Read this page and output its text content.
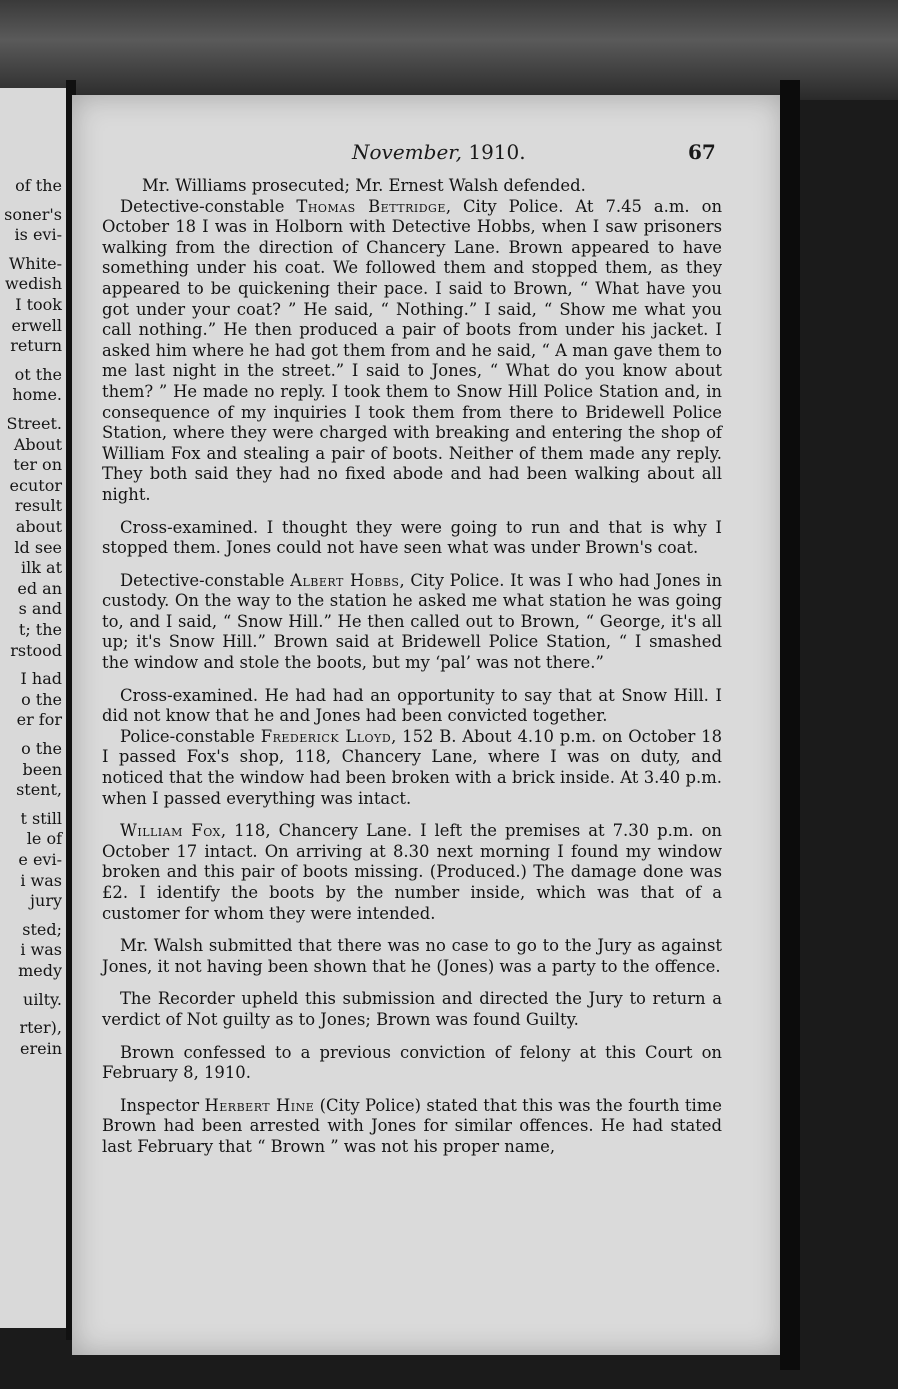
of the
soner's
is evi-
White-
wedish
I took
erwell
return
ot the
home.
Street.
About
ter on
ecutor
result
about
ld see
ilk at
ed an
s and
t; the
rstood
I had
o the
er for
o the
been
stent,
t still
le of
e evi-
i was
jury
sted;
i was
medy
uilty.
rter),
erein
November, 1910.	67

Mr. Williams prosecuted; Mr. Ernest Walsh defended.

Detective-constable Thomas Bettridge, City Police. At 7.45 a.m. on October 18 I was in Holborn with Detective Hobbs, when I saw prisoners walking from the direction of Chancery Lane. Brown appeared to have something under his coat. We followed them and stopped them, as they appeared to be quickening their pace. I said to Brown, “ What have you got under your coat? ” He said, “ Nothing.” I said, “ Show me what you call nothing.” He then produced a pair of boots from under his jacket. I asked him where he had got them from and he said, “ A man gave them to me last night in the street.” I said to Jones, “ What do you know about them? ” He made no reply. I took them to Snow Hill Police Station and, in consequence of my inquiries I took them from there to Bridewell Police Station, where they were charged with breaking and entering the shop of William Fox and stealing a pair of boots. Neither of them made any reply. They both said they had no fixed abode and had been walking about all night.

Cross-examined. I thought they were going to run and that is why I stopped them. Jones could not have seen what was under Brown's coat.

Detective-constable Albert Hobbs, City Police. It was I who had Jones in custody. On the way to the station he asked me what station he was going to, and I said, “ Snow Hill.” He then called out to Brown, “ George, it's all up; it's Snow Hill.” Brown said at Bridewell Police Station, “ I smashed the window and stole the boots, but my ‘pal’ was not there.”

Cross-examined. He had had an opportunity to say that at Snow Hill. I did not know that he and Jones had been convicted together.

Police-constable Frederick Lloyd, 152 B. About 4.10 p.m. on October 18 I passed Fox's shop, 118, Chancery Lane, where I was on duty, and noticed that the window had been broken with a brick inside. At 3.40 p.m. when I passed everything was intact.

William Fox, 118, Chancery Lane. I left the premises at 7.30 p.m. on October 17 intact. On arriving at 8.30 next morning I found my window broken and this pair of boots missing. (Produced.) The damage done was £2. I identify the boots by the number inside, which was that of a customer for whom they were intended.

Mr. Walsh submitted that there was no case to go to the Jury as against Jones, it not having been shown that he (Jones) was a party to the offence.

The Recorder upheld this submission and directed the Jury to return a verdict of Not guilty as to Jones; Brown was found Guilty.

Brown confessed to a previous conviction of felony at this Court on February 8, 1910.

Inspector Herbert Hine (City Police) stated that this was the fourth time Brown had been arrested with Jones for similar offences. He had stated last February that “ Brown ” was not his proper name,
